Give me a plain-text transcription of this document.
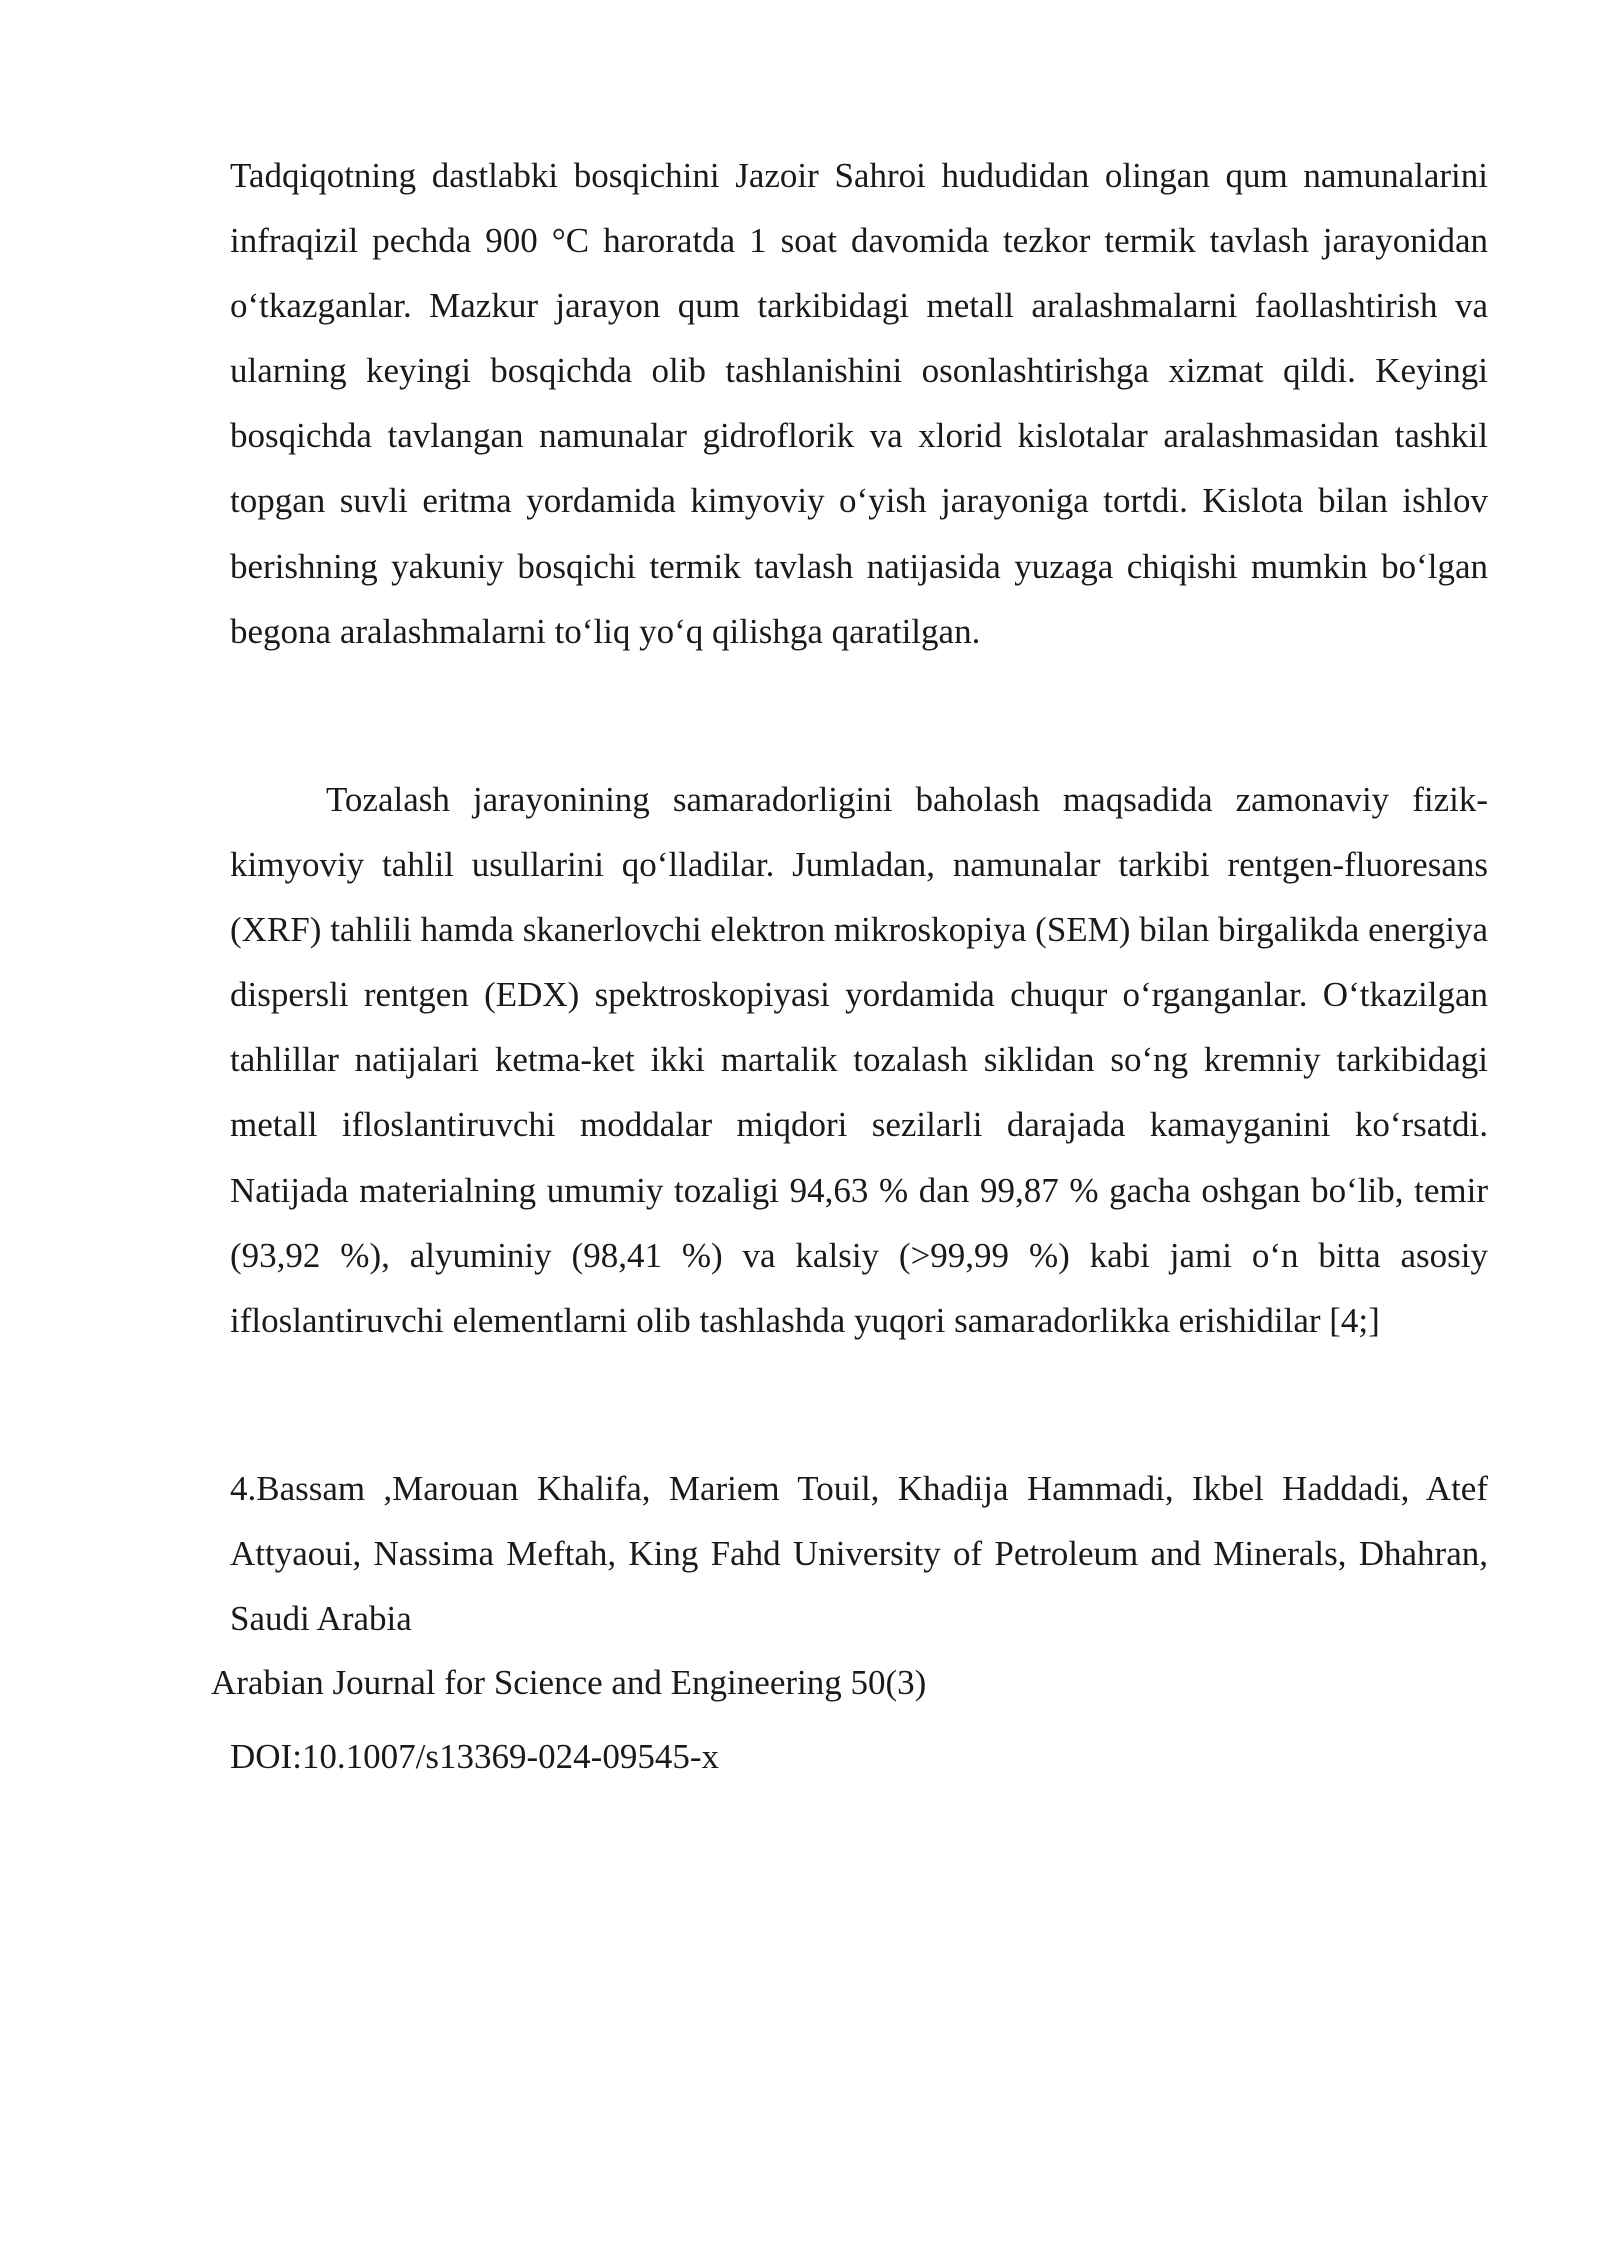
Tadqiqotning dastlabki bosqichini Jazoir Sahroi hududidan olingan qum namunalarini infraqizil pechda 900 °C haroratda 1 soat davomida tezkor termik tavlash jarayonidan o‘tkazganlar. Mazkur jarayon qum tarkibidagi metall aralashmalarni faollashtirish va ularning keyingi bosqichda olib tashlanishini osonlashtirishga xizmat qildi. Keyingi bosqichda tavlangan namunalar gidroflorik va xlorid kislotalar aralashmasidan tashkil topgan suvli eritma yordamida kimyoviy o‘yish jarayoniga tortdi. Kislota bilan ishlov berishning yakuniy bosqichi termik tavlash natijasida yuzaga chiqishi mumkin bo‘lgan begona aralashmalarni to‘liq yo‘q qilishga qaratilgan.

Tozalash jarayonining samaradorligini baholash maqsadida zamonaviy fizik-kimyoviy tahlil usullarini qo‘lladilar. Jumladan, namunalar tarkibi rentgen-fluoresans (XRF) tahlili hamda skanerlovchi elektron mikroskopiya (SEM) bilan birgalikda energiya dispersli rentgen (EDX) spektroskopiyasi yordamida chuqur o‘rganganlar. O‘tkazilgan tahlillar natijalari ketma-ket ikki martalik tozalash siklidan so‘ng kremniy tarkibidagi metall ifloslantiruvchi moddalar miqdori sezilarli darajada kamayganini ko‘rsatdi. Natijada materialning umumiy tozaligi 94,63 % dan 99,87 % gacha oshgan bo‘lib, temir (93,92 %), alyuminiy (98,41 %) va kalsiy (>99,99 %) kabi jami o‘n bitta asosiy ifloslantiruvchi elementlarni olib tashlashda yuqori samaradorlikka erishidilar [4;]

4.Bassam ,Marouan Khalifa, Mariem Touil, Khadija Hammadi, Ikbel Haddadi, Atef Attyaoui, Nassima Meftah, King Fahd University of Petroleum and Minerals, Dhahran, Saudi Arabia

Arabian Journal for Science and Engineering 50(3)

DOI:10.1007/s13369-024-09545-x
